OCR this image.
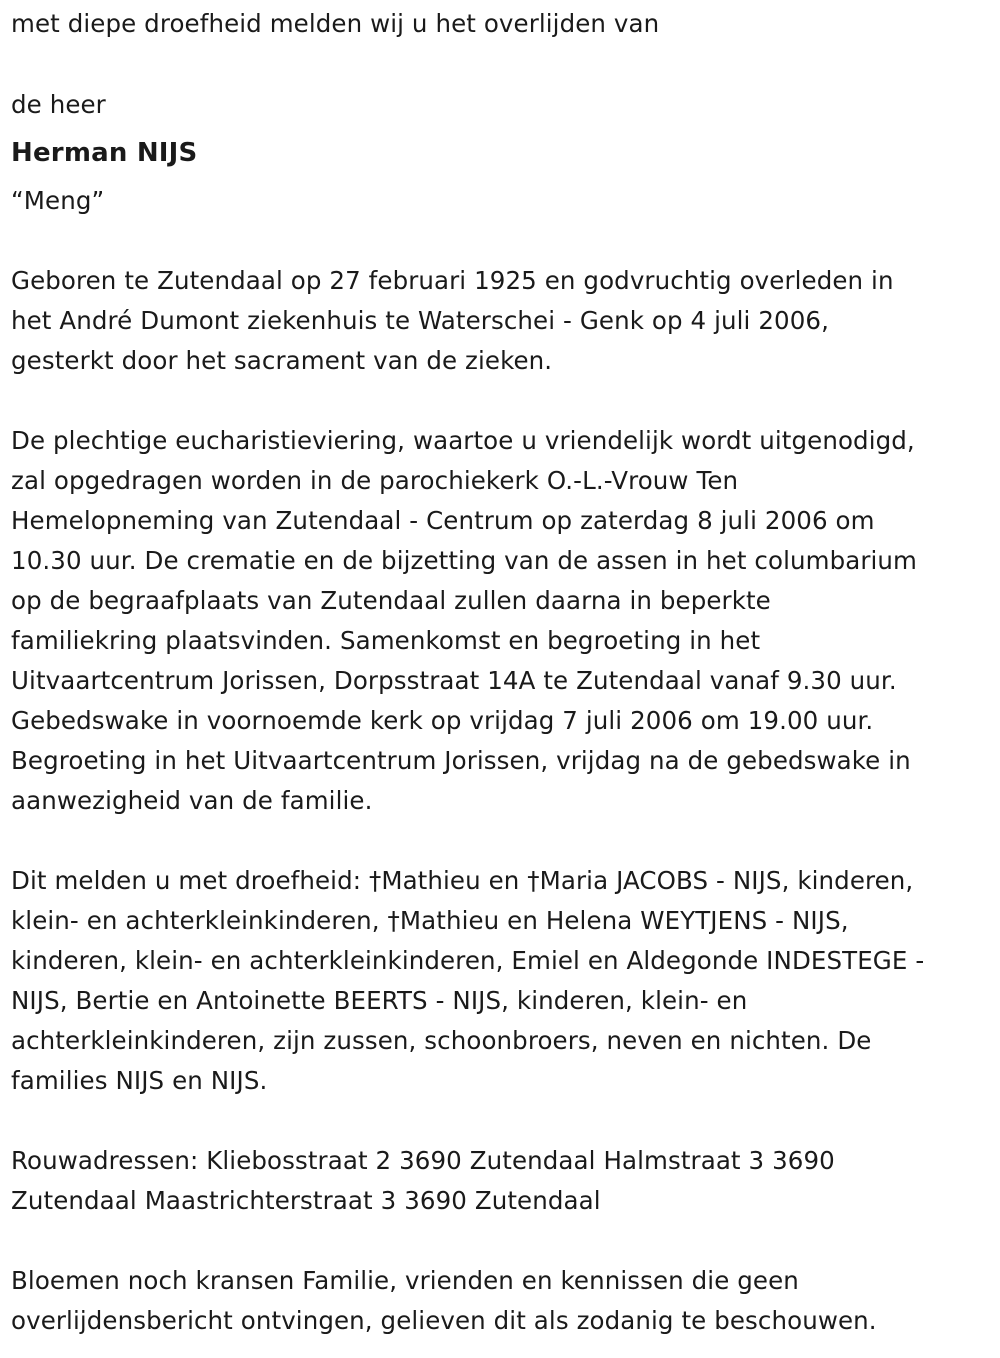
met diepe droefheid melden wij u het overlijden van

de heer

Herman NIJS

“Meng”

Geboren te Zutendaal op 27 februari 1925 en godvruchtig overleden in

het André Dumont ziekenhuis te Waterschei - Genk op 4 juli 2006,

gesterkt door het sacrament van de zieken.

De plechtige eucharistieviering, waartoe u vriendelijk wordt uitgenodigd,

zal opgedragen worden in de parochiekerk O.-L.-Vrouw Ten

Hemelopneming van Zutendaal - Centrum op zaterdag 8 juli 2006 om

10.30 uur. De crematie en de bijzetting van de assen in het columbarium

op de begraafplaats van Zutendaal zullen daarna in beperkte

familiekring plaatsvinden. Samenkomst en begroeting in het

Uitvaartcentrum Jorissen, Dorpsstraat 14A te Zutendaal vanaf 9.30 uur.

Gebedswake in voornoemde kerk op vrijdag 7 juli 2006 om 19.00 uur.

Begroeting in het Uitvaartcentrum Jorissen, vrijdag na de gebedswake in

aanwezigheid van de familie.

Dit melden u met droefheid: †Mathieu en †Maria JACOBS - NIJS, kinderen,

klein- en achterkleinkinderen, †Mathieu en Helena WEYTJENS - NIJS,

kinderen, klein- en achterkleinkinderen, Emiel en Aldegonde INDESTEGE -

NIJS, Bertie en Antoinette BEERTS - NIJS, kinderen, klein- en

achterkleinkinderen, zijn zussen, schoonbroers, neven en nichten. De

families NIJS en NIJS.

Rouwadressen: Kliebosstraat 2 3690 Zutendaal Halmstraat 3 3690

Zutendaal Maastrichterstraat 3 3690 Zutendaal

Bloemen noch kransen Familie, vrienden en kennissen die geen

overlijdensbericht ontvingen, gelieven dit als zodanig te beschouwen.
